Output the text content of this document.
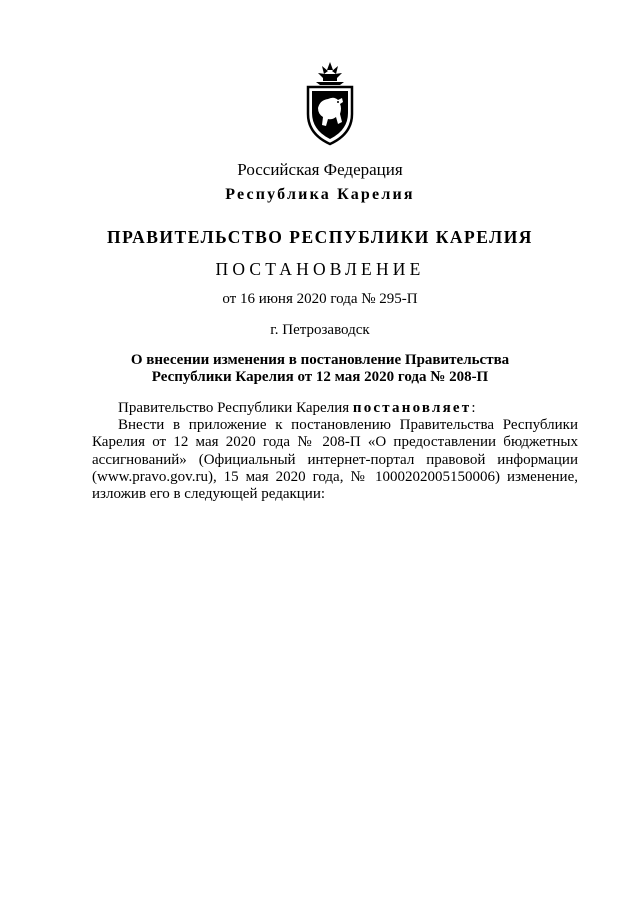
Российская Федерация
Республика Карелия
ПРАВИТЕЛЬСТВО РЕСПУБЛИКИ КАРЕЛИЯ
ПОСТАНОВЛЕНИЕ
от 16 июня 2020 года № 295-П
г. Петрозаводск
О внесении изменения в постановление Правительства
Республики Карелия от 12 мая 2020 года № 208-П

Правительство Республики Карелия постановляет:

Внести в приложение к постановлению Правительства Республики Карелия от 12 мая 2020 года № 208-П «О предоставлении бюджетных ассигнований» (Официальный интернет-портал правовой информации (www.pravo.gov.ru), 15 мая 2020 года, № 1000202005150006) изменение, изложив его в следующей редакции:
